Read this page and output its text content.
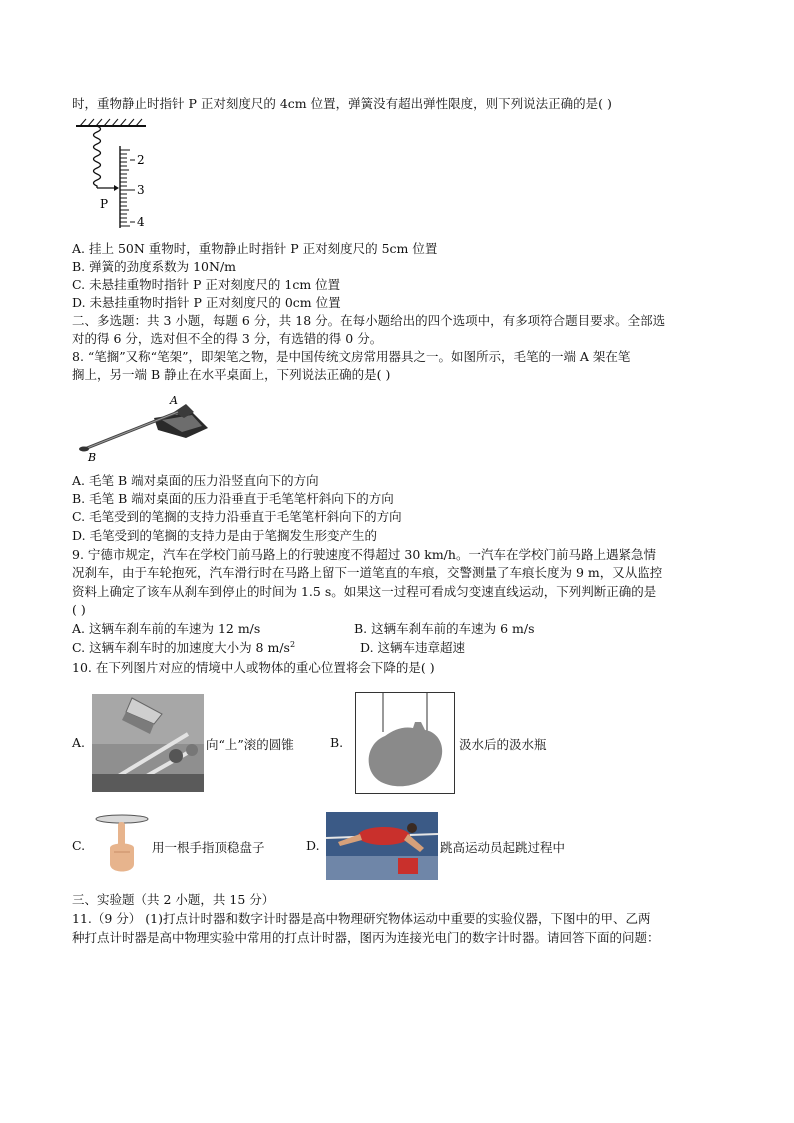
时，重物静止时指针 P 正对刻度尺的 4cm 位置，弹簧没有超出弹性限度，则下列说法正确的是( )
2
3
4
P
A. 挂上 50N 重物时，重物静止时指针 P 正对刻度尺的 5cm 位置
B. 弹簧的劲度系数为 10N/m
C. 未悬挂重物时指针 P 正对刻度尺的 1cm 位置
D. 未悬挂重物时指针 P 正对刻度尺的 0cm 位置
二、多选题：共 3 小题，每题 6 分，共 18 分。在每小题给出的四个选项中，有多项符合题目要求。全部选
对的得 6 分，选对但不全的得 3 分，有选错的得 0 分。
8. “笔搁”又称“笔架”，即架笔之物，是中国传统文房常用器具之一。如图所示，毛笔的一端 A 架在笔
搁上，另一端 B 静止在水平桌面上，下列说法正确的是( )
A
B
A. 毛笔 B 端对桌面的压力沿竖直向下的方向
B. 毛笔 B 端对桌面的压力沿垂直于毛笔笔杆斜向下的方向
C. 毛笔受到的笔搁的支持力沿垂直于毛笔笔杆斜向下的方向
D. 毛笔受到的笔搁的支持力是由于笔搁发生形变产生的
9. 宁德市规定，汽车在学校门前马路上的行驶速度不得超过 30 km/h。一汽车在学校门前马路上遇紧急情
况刹车，由于车轮抱死，汽车滑行时在马路上留下一道笔直的车痕，交警测量了车痕长度为 9 m，又从监控
资料上确定了该车从刹车到停止的时间为 1.5 s。如果这一过程可看成匀变速直线运动，下列判断正确的是
( )
A. 这辆车刹车前的车速为 12 m/s	B. 这辆车刹车前的车速为 6 m/s
C. 这辆车刹车时的加速度大小为 8 $m/s^2$	D. 这辆车违章超速
10. 在下列图片对应的情境中人或物体的重心位置将会下降的是( )
A.	向“上”滚的圆锥	B.	汲水后的汲水瓶
C.	用一根手指顶稳盘子	D.	跳高运动员起跳过程中
三、实验题（共 2 小题，共 15 分）
11.（9 分） (1)打点计时器和数字计时器是高中物理研究物体运动中重要的实验仪器，下图中的甲、乙两
种打点计时器是高中物理实验中常用的打点计时器，图丙为连接光电门的数字计时器。请回答下面的问题：
